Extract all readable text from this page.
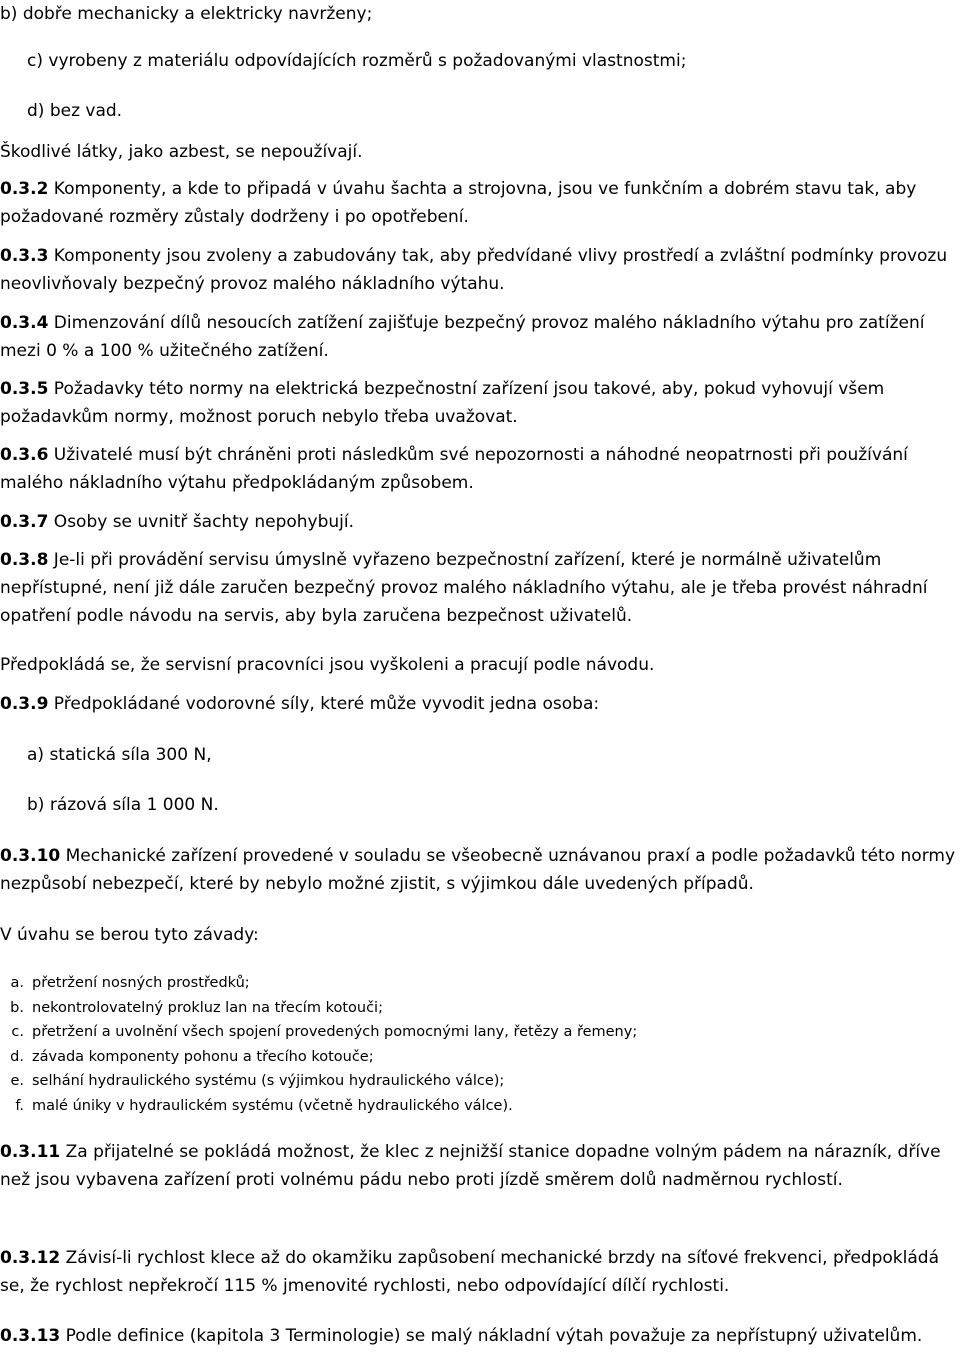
b) dobře mechanicky a elektricky navrženy;
c) vyrobeny z materiálu odpovídajících rozměrů s požadovanými vlastnostmi;
d) bez vad.
Škodlivé látky, jako azbest, se nepoužívají.
0.3.2 Komponenty, a kde to připadá v úvahu šachta a strojovna, jsou ve funkčním a dobrém stavu tak, aby požadované rozměry zůstaly dodrženy i po opotřebení.
0.3.3 Komponenty jsou zvoleny a zabudovány tak, aby předvídané vlivy prostředí a zvláštní podmínky provozu neovlivňovaly bezpečný provoz malého nákladního výtahu.
0.3.4 Dimenzování dílů nesoucích zatížení zajišťuje bezpečný provoz malého nákladního výtahu pro zatížení mezi 0 % a 100 % užitečného zatížení.
0.3.5 Požadavky této normy na elektrická bezpečnostní zařízení jsou takové, aby, pokud vyhovují všem požadavkům normy, možnost poruch nebylo třeba uvažovat.
0.3.6 Uživatelé musí být chráněni proti následkům své nepozornosti a náhodné neopatrnosti při používání malého nákladního výtahu předpokládaným způsobem.
0.3.7 Osoby se uvnitř šachty nepohybují.
0.3.8 Je-li při provádění servisu úmyslně vyřazeno bezpečnostní zařízení, které je normálně uživatelům nepřístupné, není již dále zaručen bezpečný provoz malého nákladního výtahu, ale je třeba provést náhradní opatření podle návodu na servis, aby byla zaručena bezpečnost uživatelů.
Předpokládá se, že servisní pracovníci jsou vyškoleni a pracují podle návodu.
0.3.9 Předpokládané vodorovné síly, které může vyvodit jedna osoba:
a) statická síla 300 N,
b) rázová síla 1 000 N.
0.3.10 Mechanické zařízení provedené v souladu se všeobecně uznávanou praxí a podle požadavků této normy nezpůsobí nebezpečí, které by nebylo možné zjistit, s výjimkou dále uvedených případů.
V úvahu se berou tyto závady:
a. přetržení nosných prostředků;
b. nekontrolovatelný prokluz lan na třecím kotouči;
c. přetržení a uvolnění všech spojení provedených pomocnými lany, řetězy a řemeny;
d. závada komponenty pohonu a třecího kotouče;
e. selhání hydraulického systému (s výjimkou hydraulického válce);
f. malé úniky v hydraulickém systému (včetně hydraulického válce).
0.3.11 Za přijatelné se pokládá možnost, že klec z nejnižší stanice dopadne volným pádem na nárazník, dříve než jsou vybavena zařízení proti volnému pádu nebo proti jízdě směrem dolů nadměrnou rychlostí.
0.3.12 Závisí-li rychlost klece až do okamžiku zapůsobení mechanické brzdy na síťové frekvenci, předpokládá se, že rychlost nepřekročí 115 % jmenovité rychlosti, nebo odpovídající dílčí rychlosti.
0.3.13 Podle definice (kapitola 3 Terminologie) se malý nákladní výtah považuje za nepřístupný uživatelům.
